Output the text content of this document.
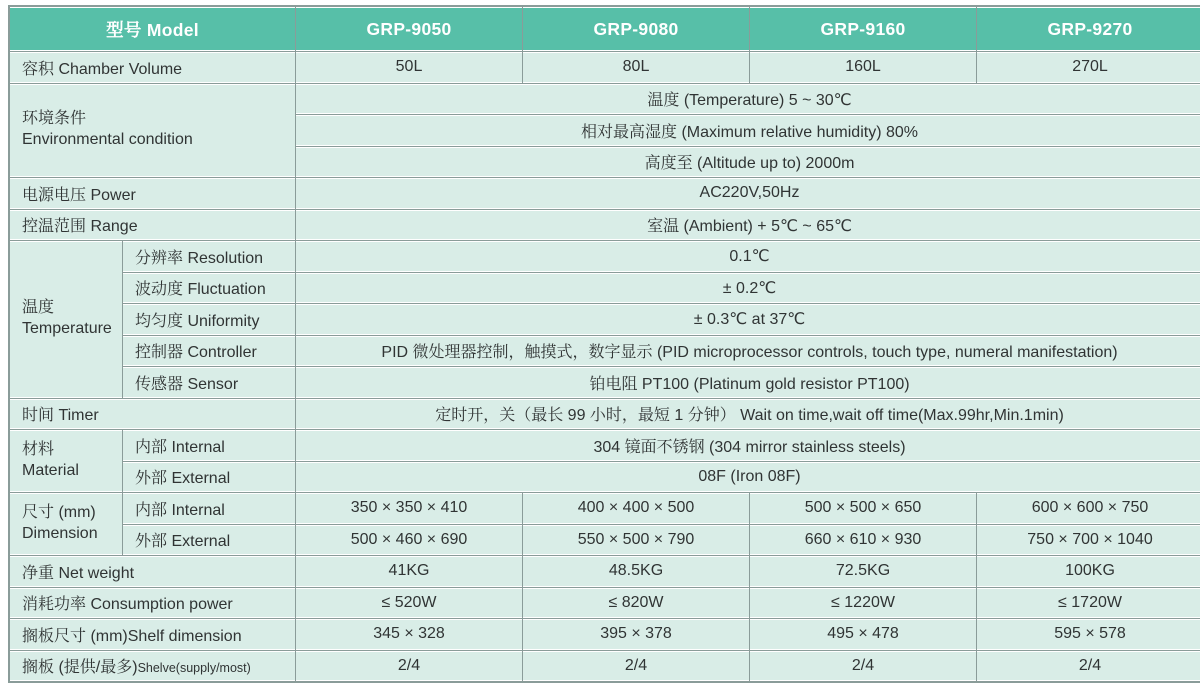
型号 Model		GRP-9050	GRP-9080	GRP-9160	GRP-9270
容积 Chamber Volume		50L	80L	160L	270L

环境条件
Environmental condition		温度 (Temperature) 5 ~ 30℃			
		相对最高湿度 (Maximum relative humidity) 80%			
		高度至 (Altitude up to) 2000m			
电源电压 Power		AC220V,50Hz			
控温范围 Range		室温 (Ambient) + 5℃ ~ 65℃			

温度
Temperature	分辨率 Resolution	0.1℃			
	波动度 Fluctuation	± 0.2℃			
	均匀度 Uniformity	± 0.3℃ at 37℃			
	控制器 Controller	PID 微处理器控制，触摸式，数字显示 (PID microprocessor controls, touch type, numeral manifestation)			
	传感器 Sensor	铂电阻 PT100 (Platinum gold resistor PT100)			
时间 Timer		定时开，关（最长 99 小时，最短 1 分钟） Wait on time,wait off time(Max.99hr,Min.1min)			

材料
Material	内部 Internal	304 镜面不锈钢 (304 mirror stainless steels)			
	外部 External	08F (Iron 08F)			

尺寸 (mm)
Dimension	内部 Internal	350 × 350 × 410	400 × 400 × 500	500 × 500 × 650	600 × 600 × 750
	外部 External	500 × 460 × 690	550 × 500 × 790	660 × 610 × 930	750 × 700 × 1040
净重 Net weight		41KG	48.5KG	72.5KG	100KG
消耗功率 Consumption power		≤ 520W	≤ 820W	≤ 1220W	≤ 1720W
搁板尺寸 (mm)Shelf dimension		345 × 328	395 × 378	495 × 478	595 × 578
搁板 (提供/最多)Shelve(supply/most)		2/4	2/4	2/4	2/4
